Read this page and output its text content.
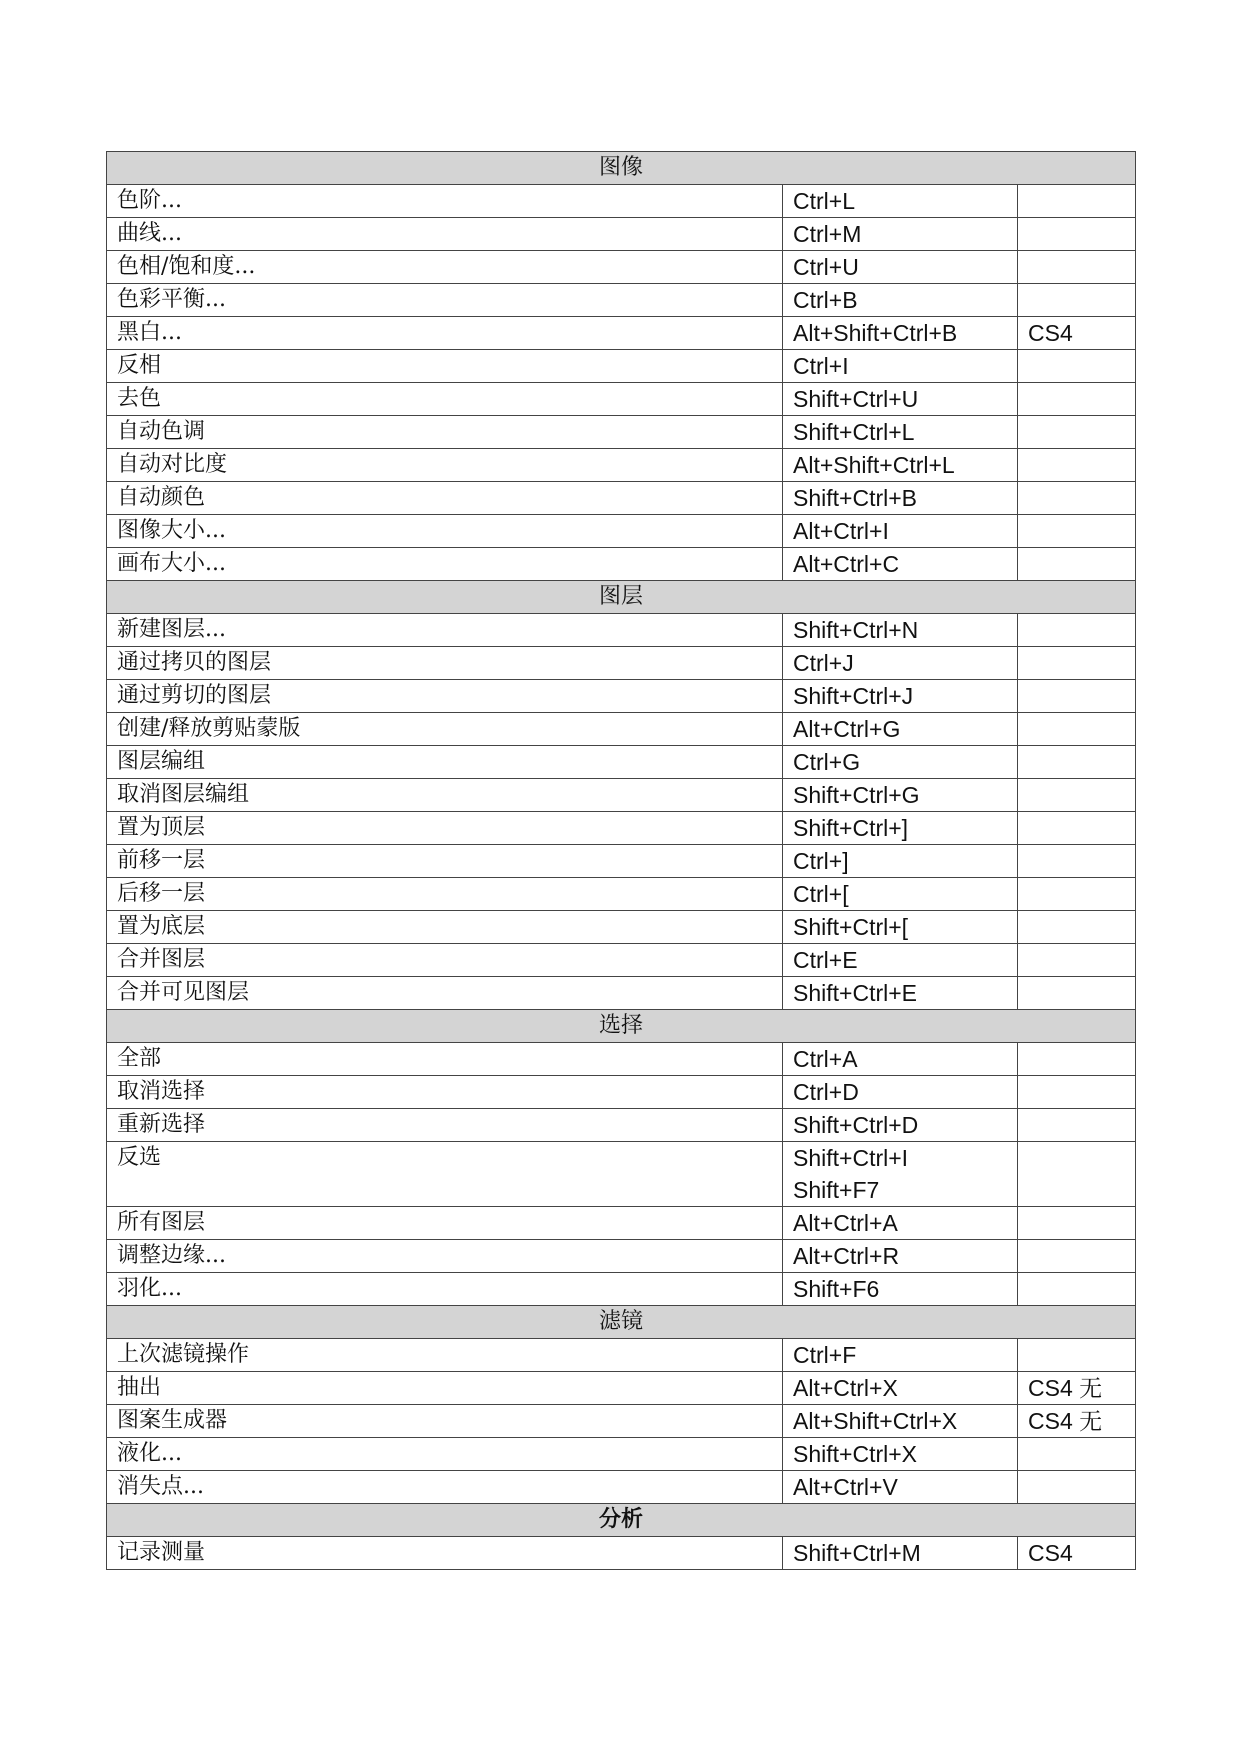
图像		
色阶...	Ctrl+L	

曲线...	Ctrl+M	

色相/饱和度...	Ctrl+U	

色彩平衡...	Ctrl+B	

黑白...	Alt+Shift+Ctrl+B	CS4
反相	Ctrl+I	

去色	Shift+Ctrl+U	

自动色调	Shift+Ctrl+L	

自动对比度	Alt+Shift+Ctrl+L	

自动颜色	Shift+Ctrl+B	

图像大小...	Alt+Ctrl+I	

画布大小...	Alt+Ctrl+C	

图层		
新建图层...	Shift+Ctrl+N	

通过拷贝的图层	Ctrl+J	

通过剪切的图层	Shift+Ctrl+J	

创建/释放剪贴蒙版	Alt+Ctrl+G	

图层编组	Ctrl+G	

取消图层编组	Shift+Ctrl+G	

置为顶层	Shift+Ctrl+]	

前移一层	Ctrl+]	

后移一层	Ctrl+[	

置为底层	Shift+Ctrl+[	

合并图层	Ctrl+E	

合并可见图层	Shift+Ctrl+E	

选择		
全部	Ctrl+A	

取消选择	Ctrl+D	

重新选择	Shift+Ctrl+D	

反选	Shift+Ctrl+I
Shift+F7	

所有图层	Alt+Ctrl+A	

调整边缘...	Alt+Ctrl+R	

羽化...	Shift+F6	

滤镜		
上次滤镜操作	Ctrl+F	

抽出	Alt+Ctrl+X	CS4 无
图案生成器	Alt+Shift+Ctrl+X	CS4 无
液化...	Shift+Ctrl+X	

消失点...	Alt+Ctrl+V	

分析		
记录测量	Shift+Ctrl+M	CS4
